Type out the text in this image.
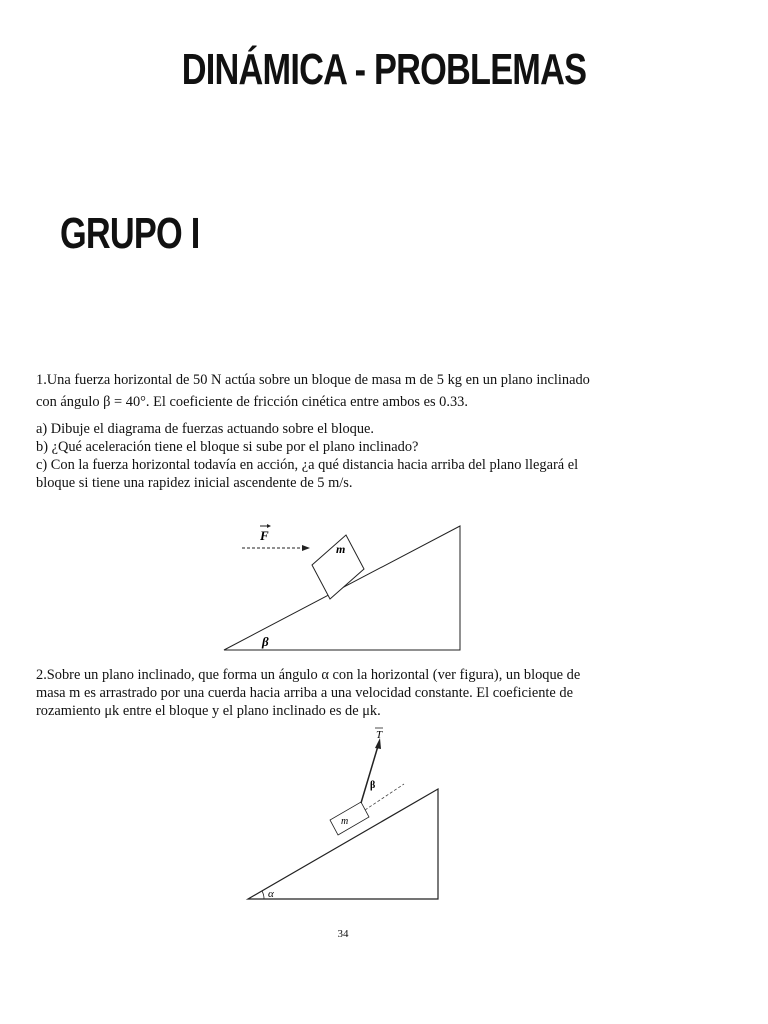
DINÁMICA - PROBLEMAS
GRUPO I

1.Una fuerza horizontal de 50 N actúa sobre un bloque de masa m de 5 kg en un plano inclinado

con ángulo β = 40°. El coeficiente de fricción cinética entre ambos es 0.33.

a) Dibuje el diagrama de fuerzas actuando sobre el bloque.

b) ¿Qué aceleración tiene el bloque si sube por el plano inclinado?

c) Con la fuerza horizontal todavía en acción, ¿a qué distancia hacia arriba del plano llegará el

bloque si tiene una rapidez inicial ascendente de 5 m/s.

F
m
β

2.Sobre un plano inclinado, que forma un ángulo α con la horizontal (ver figura), un bloque de

masa m es arrastrado por una cuerda hacia arriba a una velocidad constante. El coeficiente de

rozamiento μk entre el bloque y el plano inclinado es de μk.

T
β
m
α
34
